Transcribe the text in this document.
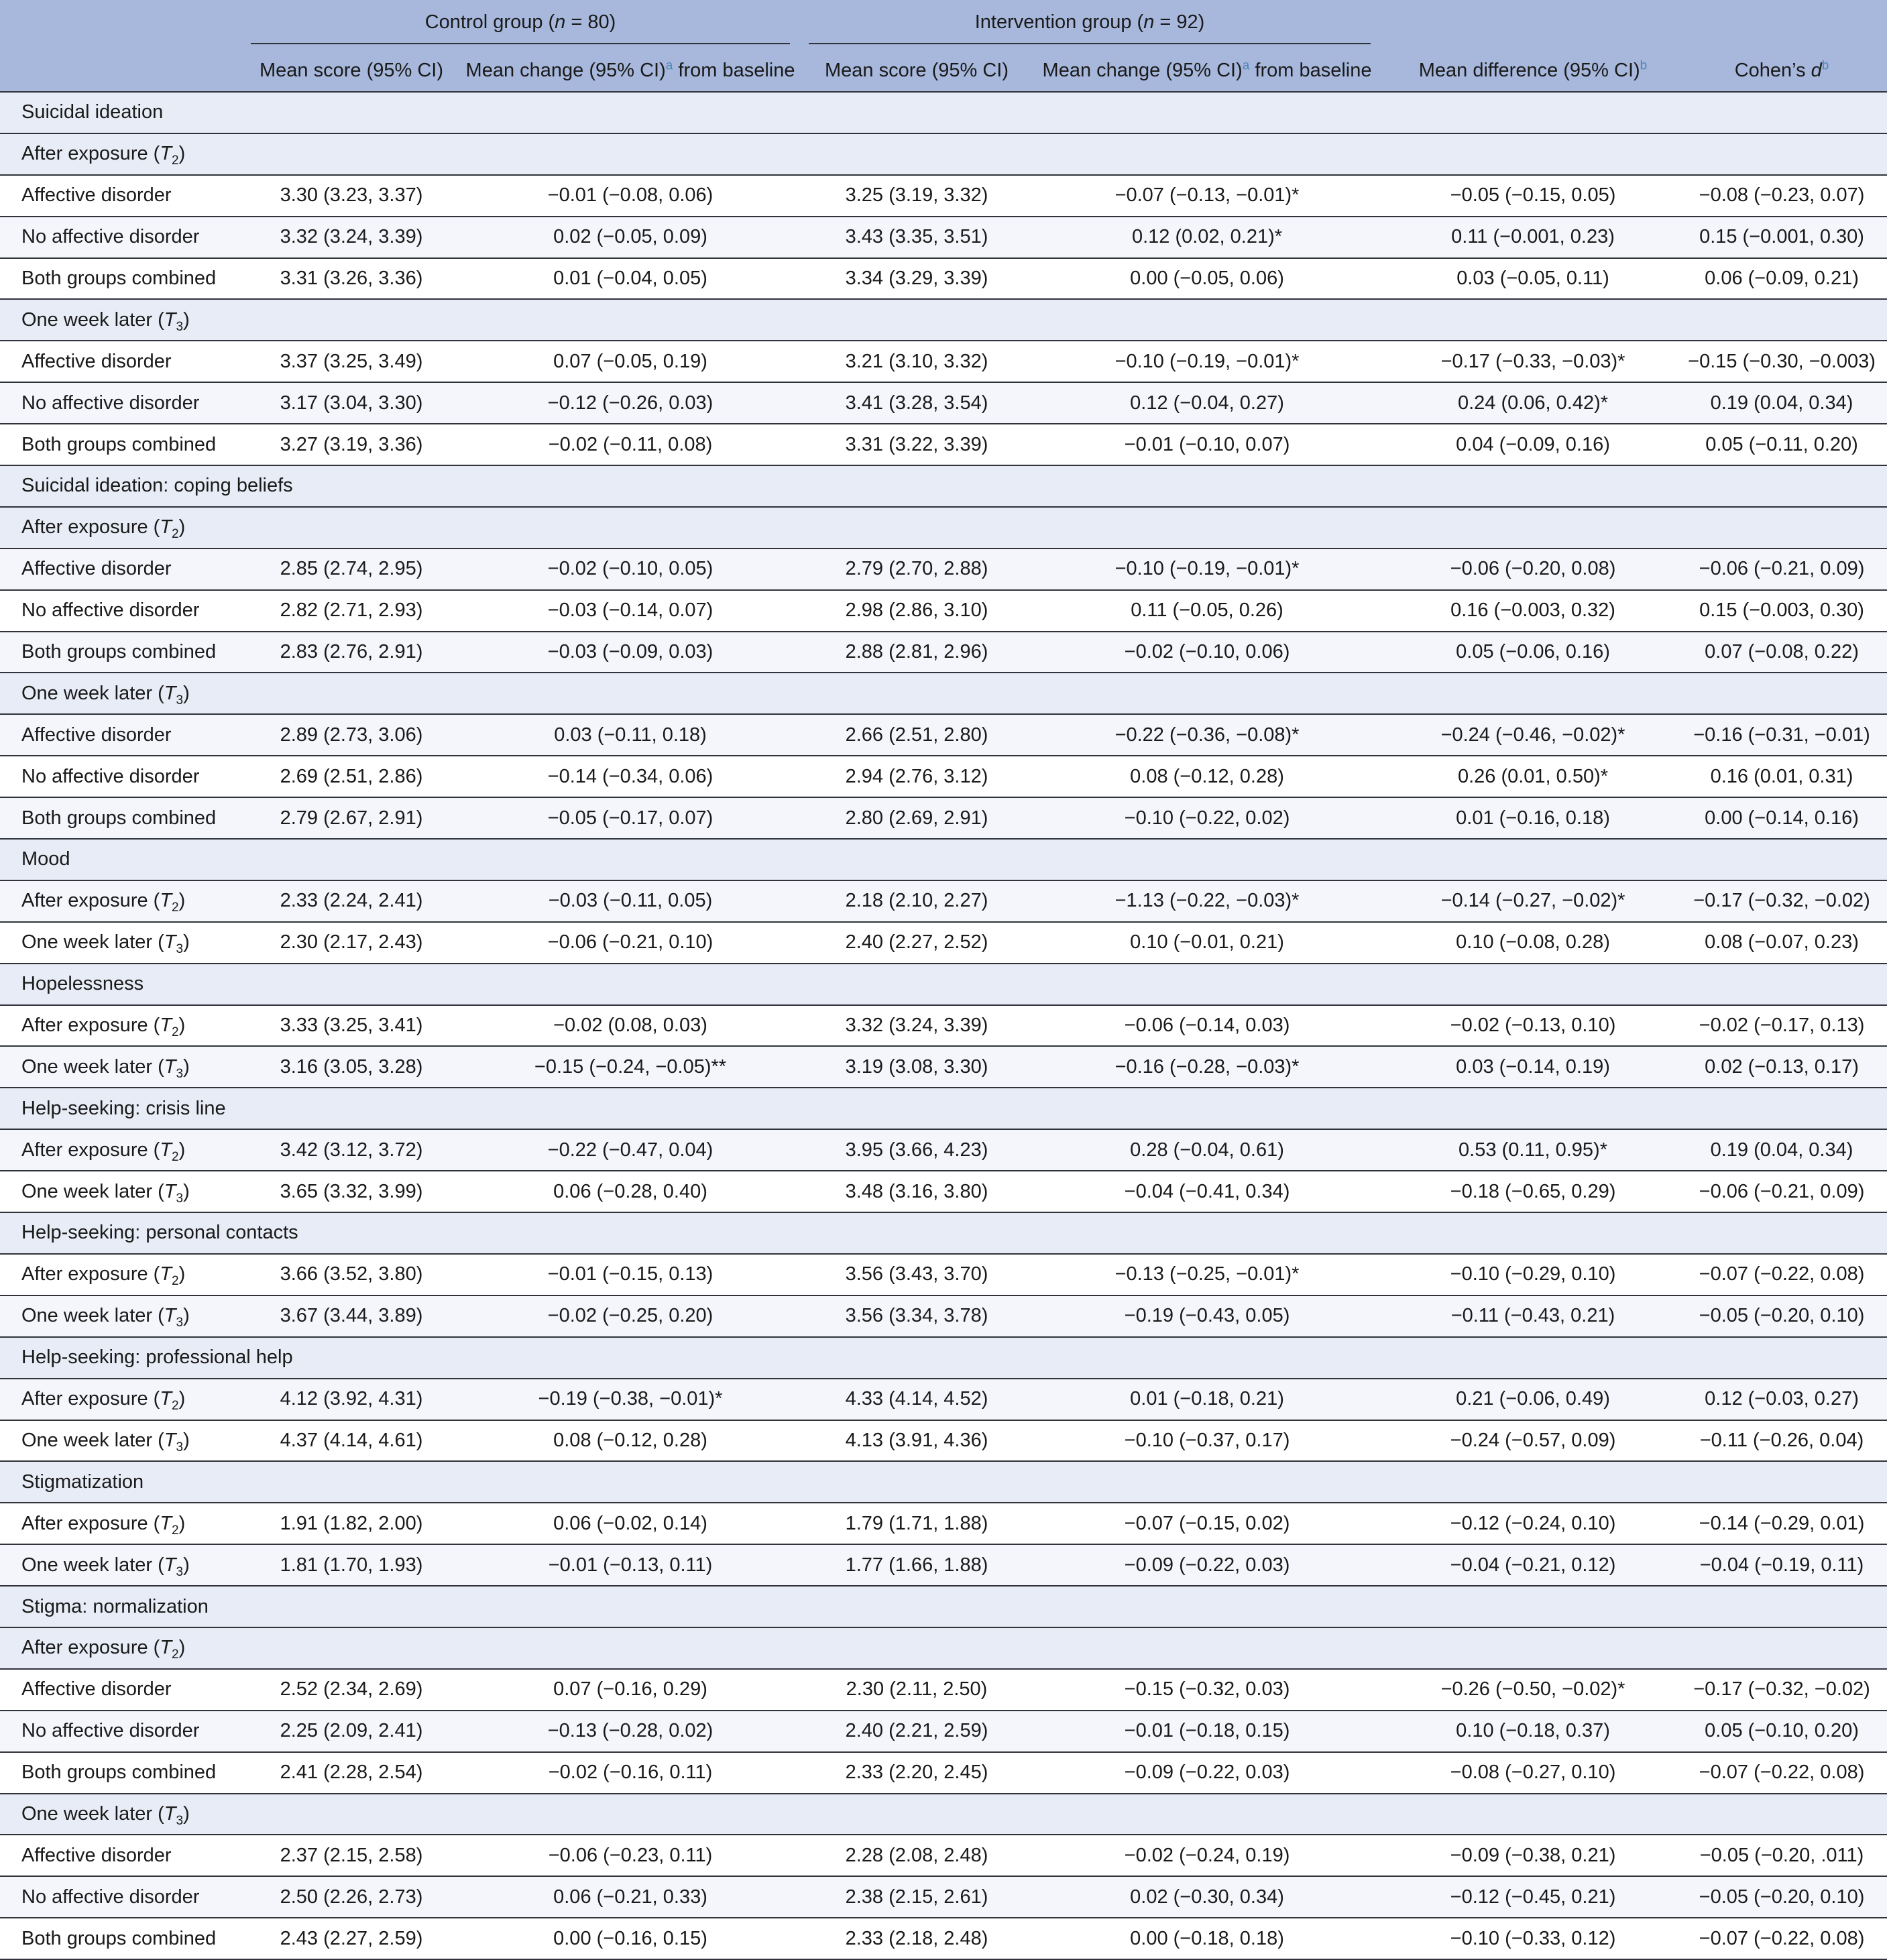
	Control group (n = 80)		Intervention group (n = 92)			

	Mean score (95% CI)	Mean change (95% CI)$^a$ from baseline	Mean score (95% CI)	Mean change (95% CI)$^a$ from baseline	Mean difference (95% CI)$^b$	Cohen’s $d^b$
Suicidal ideation						
After exposure $(T_2)$						
Affective disorder	3.30 (3.23, 3.37)	−0.01 (−0.08, 0.06)	3.25 (3.19, 3.32)	−0.07 (−0.13, −0.01)*	−0.05 (−0.15, 0.05)	−0.08 (−0.23, 0.07)
No affective disorder	3.32 (3.24, 3.39)	0.02 (−0.05, 0.09)	3.43 (3.35, 3.51)	0.12 (0.02, 0.21)*	0.11 (−0.001, 0.23)	0.15 (−0.001, 0.30)
Both groups combined	3.31 (3.26, 3.36)	0.01 (−0.04, 0.05)	3.34 (3.29, 3.39)	0.00 (−0.05, 0.06)	0.03 (−0.05, 0.11)	0.06 (−0.09, 0.21)
One week later $(T_3)$						
Affective disorder	3.37 (3.25, 3.49)	0.07 (−0.05, 0.19)	3.21 (3.10, 3.32)	−0.10 (−0.19, −0.01)*	−0.17 (−0.33, −0.03)*	−0.15 (−0.30, −0.003)
No affective disorder	3.17 (3.04, 3.30)	−0.12 (−0.26, 0.03)	3.41 (3.28, 3.54)	0.12 (−0.04, 0.27)	0.24 (0.06, 0.42)*	0.19 (0.04, 0.34)
Both groups combined	3.27 (3.19, 3.36)	−0.02 (−0.11, 0.08)	3.31 (3.22, 3.39)	−0.01 (−0.10, 0.07)	0.04 (−0.09, 0.16)	0.05 (−0.11, 0.20)
Suicidal ideation: coping beliefs						
After exposure $(T_2)$						
Affective disorder	2.85 (2.74, 2.95)	−0.02 (−0.10, 0.05)	2.79 (2.70, 2.88)	−0.10 (−0.19, −0.01)*	−0.06 (−0.20, 0.08)	−0.06 (−0.21, 0.09)
No affective disorder	2.82 (2.71, 2.93)	−0.03 (−0.14, 0.07)	2.98 (2.86, 3.10)	0.11 (−0.05, 0.26)	0.16 (−0.003, 0.32)	0.15 (−0.003, 0.30)
Both groups combined	2.83 (2.76, 2.91)	−0.03 (−0.09, 0.03)	2.88 (2.81, 2.96)	−0.02 (−0.10, 0.06)	0.05 (−0.06, 0.16)	0.07 (−0.08, 0.22)
One week later $(T_3)$						
Affective disorder	2.89 (2.73, 3.06)	0.03 (−0.11, 0.18)	2.66 (2.51, 2.80)	−0.22 (−0.36, −0.08)*	−0.24 (−0.46, −0.02)*	−0.16 (−0.31, −0.01)
No affective disorder	2.69 (2.51, 2.86)	−0.14 (−0.34, 0.06)	2.94 (2.76, 3.12)	0.08 (−0.12, 0.28)	0.26 (0.01, 0.50)*	0.16 (0.01, 0.31)
Both groups combined	2.79 (2.67, 2.91)	−0.05 (−0.17, 0.07)	2.80 (2.69, 2.91)	−0.10 (−0.22, 0.02)	0.01 (−0.16, 0.18)	0.00 (−0.14, 0.16)
Mood						
After exposure $(T_2)$	2.33 (2.24, 2.41)	−0.03 (−0.11, 0.05)	2.18 (2.10, 2.27)	−1.13 (−0.22, −0.03)*	−0.14 (−0.27, −0.02)*	−0.17 (−0.32, −0.02)
One week later $(T_3)$	2.30 (2.17, 2.43)	−0.06 (−0.21, 0.10)	2.40 (2.27, 2.52)	0.10 (−0.01, 0.21)	0.10 (−0.08, 0.28)	0.08 (−0.07, 0.23)
Hopelessness						
After exposure $(T_2)$	3.33 (3.25, 3.41)	−0.02 (0.08, 0.03)	3.32 (3.24, 3.39)	−0.06 (−0.14, 0.03)	−0.02 (−0.13, 0.10)	−0.02 (−0.17, 0.13)
One week later $(T_3)$	3.16 (3.05, 3.28)	−0.15 (−0.24, −0.05)**	3.19 (3.08, 3.30)	−0.16 (−0.28, −0.03)*	0.03 (−0.14, 0.19)	0.02 (−0.13, 0.17)
Help-seeking: crisis line						
After exposure $(T_2)$	3.42 (3.12, 3.72)	−0.22 (−0.47, 0.04)	3.95 (3.66, 4.23)	0.28 (−0.04, 0.61)	0.53 (0.11, 0.95)*	0.19 (0.04, 0.34)
One week later $(T_3)$	3.65 (3.32, 3.99)	0.06 (−0.28, 0.40)	3.48 (3.16, 3.80)	−0.04 (−0.41, 0.34)	−0.18 (−0.65, 0.29)	−0.06 (−0.21, 0.09)
Help-seeking: personal contacts						
After exposure $(T_2)$	3.66 (3.52, 3.80)	−0.01 (−0.15, 0.13)	3.56 (3.43, 3.70)	−0.13 (−0.25, −0.01)*	−0.10 (−0.29, 0.10)	−0.07 (−0.22, 0.08)
One week later $(T_3)$	3.67 (3.44, 3.89)	−0.02 (−0.25, 0.20)	3.56 (3.34, 3.78)	−0.19 (−0.43, 0.05)	−0.11 (−0.43, 0.21)	−0.05 (−0.20, 0.10)
Help-seeking: professional help						
After exposure $(T_2)$	4.12 (3.92, 4.31)	−0.19 (−0.38, −0.01)*	4.33 (4.14, 4.52)	0.01 (−0.18, 0.21)	0.21 (−0.06, 0.49)	0.12 (−0.03, 0.27)
One week later $(T_3)$	4.37 (4.14, 4.61)	0.08 (−0.12, 0.28)	4.13 (3.91, 4.36)	−0.10 (−0.37, 0.17)	−0.24 (−0.57, 0.09)	−0.11 (−0.26, 0.04)
Stigmatization						
After exposure $(T_2)$	1.91 (1.82, 2.00)	0.06 (−0.02, 0.14)	1.79 (1.71, 1.88)	−0.07 (−0.15, 0.02)	−0.12 (−0.24, 0.10)	−0.14 (−0.29, 0.01)
One week later $(T_3)$	1.81 (1.70, 1.93)	−0.01 (−0.13, 0.11)	1.77 (1.66, 1.88)	−0.09 (−0.22, 0.03)	−0.04 (−0.21, 0.12)	−0.04 (−0.19, 0.11)
Stigma: normalization						
After exposure $(T_2)$						
Affective disorder	2.52 (2.34, 2.69)	0.07 (−0.16, 0.29)	2.30 (2.11, 2.50)	−0.15 (−0.32, 0.03)	−0.26 (−0.50, −0.02)*	−0.17 (−0.32, −0.02)
No affective disorder	2.25 (2.09, 2.41)	−0.13 (−0.28, 0.02)	2.40 (2.21, 2.59)	−0.01 (−0.18, 0.15)	0.10 (−0.18, 0.37)	0.05 (−0.10, 0.20)
Both groups combined	2.41 (2.28, 2.54)	−0.02 (−0.16, 0.11)	2.33 (2.20, 2.45)	−0.09 (−0.22, 0.03)	−0.08 (−0.27, 0.10)	−0.07 (−0.22, 0.08)
One week later $(T_3)$						
Affective disorder	2.37 (2.15, 2.58)	−0.06 (−0.23, 0.11)	2.28 (2.08, 2.48)	−0.02 (−0.24, 0.19)	−0.09 (−0.38, 0.21)	−0.05 (−0.20, .011)
No affective disorder	2.50 (2.26, 2.73)	0.06 (−0.21, 0.33)	2.38 (2.15, 2.61)	0.02 (−0.30, 0.34)	−0.12 (−0.45, 0.21)	−0.05 (−0.20, 0.10)
Both groups combined	2.43 (2.27, 2.59)	0.00 (−0.16, 0.15)	2.33 (2.18, 2.48)	0.00 (−0.18, 0.18)	−0.10 (−0.33, 0.12)	−0.07 (−0.22, 0.08)
